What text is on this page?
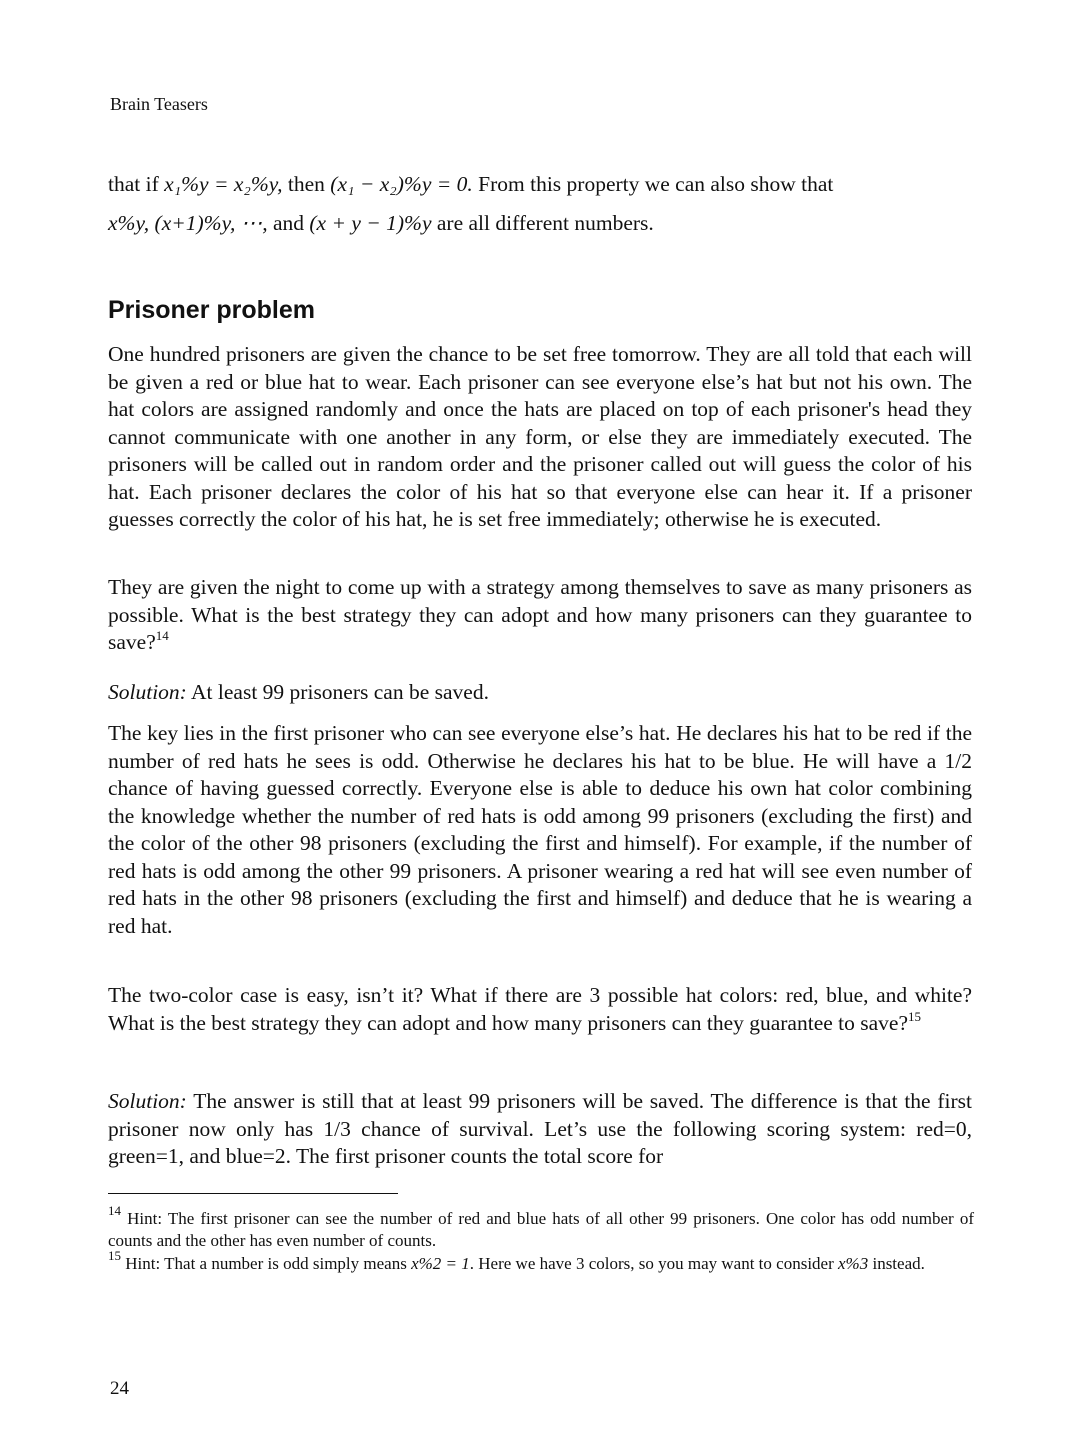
Brain Teasers
that if x₁%y = x₂%y, then (x₁ − x₂)%y = 0. From this property we can also show that
x%y, (x+1)%y, ⋯, and (x + y − 1)%y are all different numbers.
Prisoner problem

One hundred prisoners are given the chance to be set free tomorrow. They are all told that each will be given a red or blue hat to wear. Each prisoner can see everyone else’s hat but not his own. The hat colors are assigned randomly and once the hats are placed on top of each prisoner's head they cannot communicate with one another in any form, or else they are immediately executed. The prisoners will be called out in random order and the prisoner called out will guess the color of his hat. Each prisoner declares the color of his hat so that everyone else can hear it. If a prisoner guesses correctly the color of his hat, he is set free immediately; otherwise he is executed.

They are given the night to come up with a strategy among themselves to save as many prisoners as possible. What is the best strategy they can adopt and how many prisoners can they guarantee to save?$^{14}$

Solution: At least 99 prisoners can be saved.

The key lies in the first prisoner who can see everyone else’s hat. He declares his hat to be red if the number of red hats he sees is odd. Otherwise he declares his hat to be blue. He will have a 1/2 chance of having guessed correctly. Everyone else is able to deduce his own hat color combining the knowledge whether the number of red hats is odd among 99 prisoners (excluding the first) and the color of the other 98 prisoners (excluding the first and himself). For example, if the number of red hats is odd among the other 99 prisoners. A prisoner wearing a red hat will see even number of red hats in the other 98 prisoners (excluding the first and himself) and deduce that he is wearing a red hat.

The two-color case is easy, isn’t it? What if there are 3 possible hat colors: red, blue, and white? What is the best strategy they can adopt and how many prisoners can they guarantee to save?$^{15}$

Solution: The answer is still that at least 99 prisoners will be saved. The difference is that the first prisoner now only has 1/3 chance of survival. Let’s use the following scoring system: red=0, green=1, and blue=2. The first prisoner counts the total score for

$^{14}$ Hint: The first prisoner can see the number of red and blue hats of all other 99 prisoners. One color has odd number of counts and the other has even number of counts.

$^{15}$ Hint: That a number is odd simply means x%2 = 1. Here we have 3 colors, so you may want to consider x%3 instead.

24
